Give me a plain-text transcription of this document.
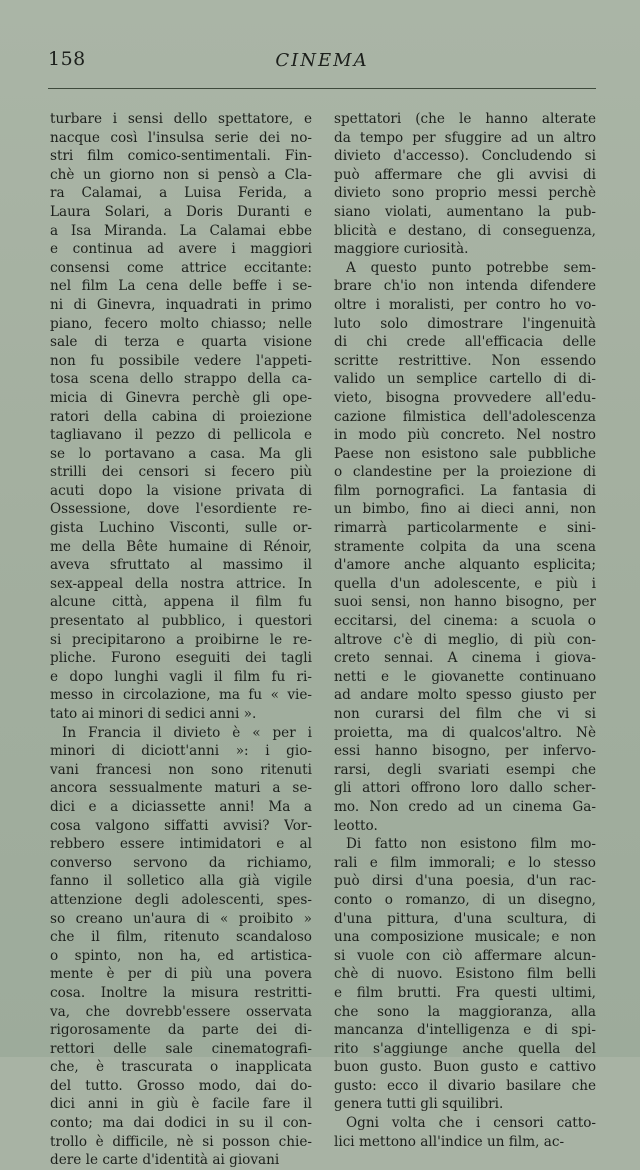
158	CINEMA
turbare i sensi dello spettatore, e
nacque così l'insulsa serie dei no-
stri film comico-sentimentali. Fin-
chè un giorno non si pensò a Cla-
ra Calamai, a Luisa Ferida, a
Laura Solari, a Doris Duranti e
a Isa Miranda. La Calamai ebbe
e continua ad avere i maggiori
consensi come attrice eccitante:
nel film La cena delle beffe i se-
ni di Ginevra, inquadrati in primo
piano, fecero molto chiasso; nelle
sale di terza e quarta visione
non fu possibile vedere l'appeti-
tosa scena dello strappo della ca-
micia di Ginevra perchè gli ope-
ratori della cabina di proiezione
tagliavano il pezzo di pellicola e
se lo portavano a casa. Ma gli
strilli dei censori si fecero più
acuti dopo la visione privata di
Ossessione, dove l'esordiente re-
gista Luchino Visconti, sulle or-
me della Bête humaine di Rénoir,
aveva sfruttato al massimo il
sex-appeal della nostra attrice. In
alcune città, appena il film fu
presentato al pubblico, i questori
si precipitarono a proibirne le re-
pliche. Furono eseguiti dei tagli
e dopo lunghi vagli il film fu ri-
messo in circolazione, ma fu « vie-
tato ai minori di sedici anni ».
In Francia il divieto è « per i
minori di diciott'anni »: i gio-
vani francesi non sono ritenuti
ancora sessualmente maturi a se-
dici e a diciassette anni! Ma a
cosa valgono siffatti avvisi? Vor-
rebbero essere intimidatori e al
converso servono da richiamo,
fanno il solletico alla già vigile
attenzione degli adolescenti, spes-
so creano un'aura di « proibito »
che il film, ritenuto scandaloso
o spinto, non ha, ed artistica-
mente è per di più una povera
cosa. Inoltre la misura restritti-
va, che dovrebb'essere osservata
rigorosamente da parte dei di-
rettori delle sale cinematografi-
che, è trascurata o inapplicata
del tutto. Grosso modo, dai do-
dici anni in giù è facile fare il
conto; ma dai dodici in su il con-
trollo è difficile, nè si posson chie-
dere le carte d'identità ai giovani
spettatori (che le hanno alterate
da tempo per sfuggire ad un altro
divieto d'accesso). Concludendo si
può affermare che gli avvisi di
divieto sono proprio messi perchè
siano violati, aumentano la pub-
blicità e destano, di conseguenza,
maggiore curiosità.
A questo punto potrebbe sem-
brare ch'io non intenda difendere
oltre i moralisti, per contro ho vo-
luto solo dimostrare l'ingenuità
di chi crede all'efficacia delle
scritte restrittive. Non essendo
valido un semplice cartello di di-
vieto, bisogna provvedere all'edu-
cazione filmistica dell'adolescenza
in modo più concreto. Nel nostro
Paese non esistono sale pubbliche
o clandestine per la proiezione di
film pornografici. La fantasia di
un bimbo, fino ai dieci anni, non
rimarrà particolarmente e sini-
stramente colpita da una scena
d'amore anche alquanto esplicita;
quella d'un adolescente, e più i
suoi sensi, non hanno bisogno, per
eccitarsi, del cinema: a scuola o
altrove c'è di meglio, di più con-
creto sennai. A cinema i giova-
netti e le giovanette continuano
ad andare molto spesso giusto per
non curarsi del film che vi si
proietta, ma di qualcos'altro. Nè
essi hanno bisogno, per infervo-
rarsi, degli svariati esempi che
gli attori offrono loro dallo scher-
mo. Non credo ad un cinema Ga-
leotto.
Di fatto non esistono film mo-
rali e film immorali; e lo stesso
può dirsi d'una poesia, d'un rac-
conto o romanzo, di un disegno,
d'una pittura, d'una scultura, di
una composizione musicale; e non
si vuole con ciò affermare alcun-
chè di nuovo. Esistono film belli
e film brutti. Fra questi ultimi,
che sono la maggioranza, alla
mancanza d'intelligenza e di spi-
rito s'aggiunge anche quella del
buon gusto. Buon gusto e cattivo
gusto: ecco il divario basilare che
genera tutti gli squilibri.
Ogni volta che i censori catto-
lici mettono all'indice un film, ac-
